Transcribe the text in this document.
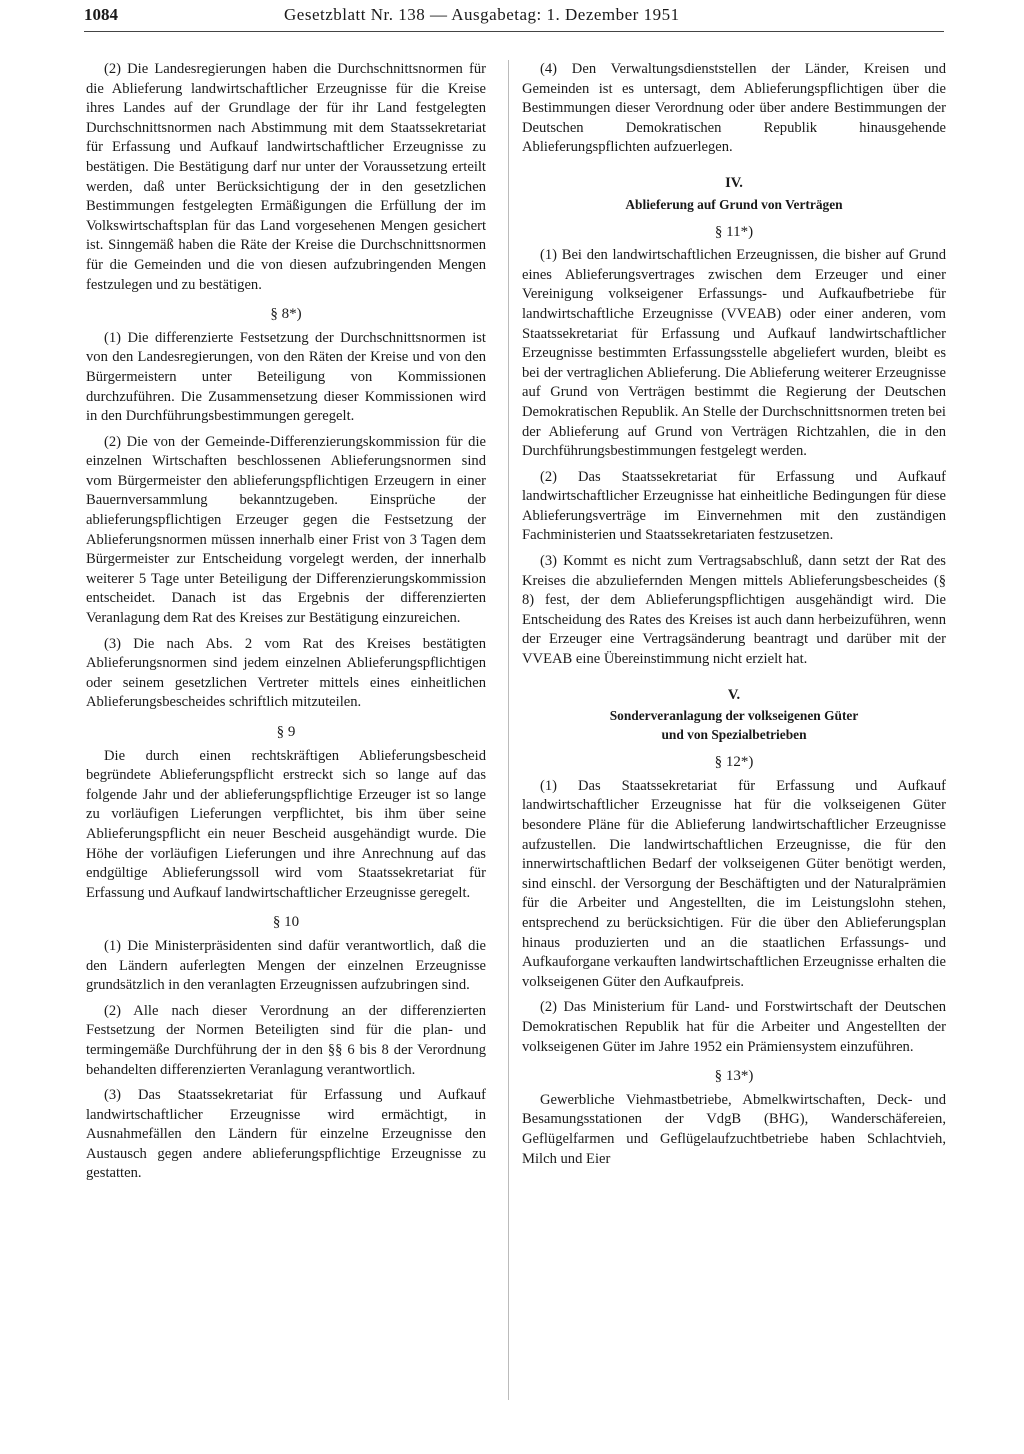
1084	Gesetzblatt Nr. 138 — Ausgabetag: 1. Dezember 1951

(2) Die Landesregierungen haben die Durchschnittsnormen für die Ablieferung landwirtschaftlicher Erzeugnisse für die Kreise ihres Landes auf der Grundlage der für ihr Land festgelegten Durchschnittsnormen nach Abstimmung mit dem Staatssekretariat für Erfassung und Aufkauf landwirtschaftlicher Erzeugnisse zu bestätigen. Die Bestätigung darf nur unter der Voraussetzung erteilt werden, daß unter Berücksichtigung der in den gesetzlichen Bestimmungen festgelegten Ermäßigungen die Erfüllung der im Volkswirtschaftsplan für das Land vorgesehenen Mengen gesichert ist. Sinngemäß haben die Räte der Kreise die Durchschnittsnormen für die Gemeinden und die von diesen aufzubringenden Mengen festzulegen und zu bestätigen.

§ 8*)

(1) Die differenzierte Festsetzung der Durchschnittsnormen ist von den Landesregierungen, von den Räten der Kreise und von den Bürgermeistern unter Beteiligung von Kommissionen durchzuführen. Die Zusammensetzung dieser Kommissionen wird in den Durchführungsbestimmungen geregelt.

(2) Die von der Gemeinde-Differenzierungskommission für die einzelnen Wirtschaften beschlossenen Ablieferungsnormen sind vom Bürgermeister den ablieferungspflichtigen Erzeugern in einer Bauernversammlung bekanntzugeben. Einsprüche der ablieferungspflichtigen Erzeuger gegen die Festsetzung der Ablieferungsnormen müssen innerhalb einer Frist von 3 Tagen dem Bürgermeister zur Entscheidung vorgelegt werden, der innerhalb weiterer 5 Tage unter Beteiligung der Differenzierungskommission entscheidet. Danach ist das Ergebnis der differenzierten Veranlagung dem Rat des Kreises zur Bestätigung einzureichen.

(3) Die nach Abs. 2 vom Rat des Kreises bestätigten Ablieferungsnormen sind jedem einzelnen Ablieferungspflichtigen oder seinem gesetzlichen Vertreter mittels eines einheitlichen Ablieferungsbescheides schriftlich mitzuteilen.

§ 9

Die durch einen rechtskräftigen Ablieferungsbescheid begründete Ablieferungspflicht erstreckt sich so lange auf das folgende Jahr und der ablieferungspflichtige Erzeuger ist so lange zu vorläufigen Lieferungen verpflichtet, bis ihm über seine Ablieferungspflicht ein neuer Bescheid ausgehändigt wurde. Die Höhe der vorläufigen Lieferungen und ihre Anrechnung auf das endgültige Ablieferungssoll wird vom Staatssekretariat für Erfassung und Aufkauf landwirtschaftlicher Erzeugnisse geregelt.

§ 10

(1) Die Ministerpräsidenten sind dafür verantwortlich, daß die den Ländern auferlegten Mengen der einzelnen Erzeugnisse grundsätzlich in den veranlagten Erzeugnissen aufzubringen sind.

(2) Alle nach dieser Verordnung an der differenzierten Festsetzung der Normen Beteiligten sind für die plan- und termingemäße Durchführung der in den §§ 6 bis 8 der Verordnung behandelten differenzierten Veranlagung verantwortlich.

(3) Das Staatssekretariat für Erfassung und Aufkauf landwirtschaftlicher Erzeugnisse wird ermächtigt, in Ausnahmefällen den Ländern für einzelne Erzeugnisse den Austausch gegen andere ablieferungspflichtige Erzeugnisse zu gestatten.

(4) Den Verwaltungsdienststellen der Länder, Kreisen und Gemeinden ist es untersagt, dem Ablieferungspflichtigen über die Bestimmungen dieser Verordnung oder über andere Bestimmungen der Deutschen Demokratischen Republik hinausgehende Ablieferungspflichten aufzuerlegen.

IV.
Ablieferung auf Grund von Verträgen
§ 11*)

(1) Bei den landwirtschaftlichen Erzeugnissen, die bisher auf Grund eines Ablieferungsvertrages zwischen dem Erzeuger und einer Vereinigung volkseigener Erfassungs- und Aufkaufbetriebe für landwirtschaftliche Erzeugnisse (VVEAB) oder einer anderen, vom Staatssekretariat für Erfassung und Aufkauf landwirtschaftlicher Erzeugnisse bestimmten Erfassungsstelle abgeliefert wurden, bleibt es bei der vertraglichen Ablieferung. Die Ablieferung weiterer Erzeugnisse auf Grund von Verträgen bestimmt die Regierung der Deutschen Demokratischen Republik. An Stelle der Durchschnittsnormen treten bei der Ablieferung auf Grund von Verträgen Richtzahlen, die in den Durchführungsbestimmungen festgelegt werden.

(2) Das Staatssekretariat für Erfassung und Aufkauf landwirtschaftlicher Erzeugnisse hat einheitliche Bedingungen für diese Ablieferungsverträge im Einvernehmen mit den zuständigen Fachministerien und Staatssekretariaten festzusetzen.

(3) Kommt es nicht zum Vertragsabschluß, dann setzt der Rat des Kreises die abzuliefernden Mengen mittels Ablieferungsbescheides (§ 8) fest, der dem Ablieferungspflichtigen ausgehändigt wird. Die Entscheidung des Rates des Kreises ist auch dann herbeizuführen, wenn der Erzeuger eine Vertragsänderung beantragt und darüber mit der VVEAB eine Übereinstimmung nicht erzielt hat.

V.
Sonderveranlagung der volkseigenen Güter
und von Spezialbetrieben
§ 12*)

(1) Das Staatssekretariat für Erfassung und Aufkauf landwirtschaftlicher Erzeugnisse hat für die volkseigenen Güter besondere Pläne für die Ablieferung landwirtschaftlicher Erzeugnisse aufzustellen. Die landwirtschaftlichen Erzeugnisse, die für den innerwirtschaftlichen Bedarf der volkseigenen Güter benötigt werden, sind einschl. der Versorgung der Beschäftigten und der Naturalprämien für die Arbeiter und Angestellten, die im Leistungslohn stehen, entsprechend zu berücksichtigen. Für die über den Ablieferungsplan hinaus produzierten und an die staatlichen Erfassungs- und Aufkauforgane verkauften landwirtschaftlichen Erzeugnisse erhalten die volkseigenen Güter den Aufkaufpreis.

(2) Das Ministerium für Land- und Forstwirtschaft der Deutschen Demokratischen Republik hat für die Arbeiter und Angestellten der volkseigenen Güter im Jahre 1952 ein Prämiensystem einzuführen.

§ 13*)

Gewerbliche Viehmastbetriebe, Abmelkwirtschaften, Deck- und Besamungsstationen der VdgB (BHG), Wanderschäfereien, Geflügelfarmen und Geflügelaufzuchtbetriebe haben Schlachtvieh, Milch und Eier
